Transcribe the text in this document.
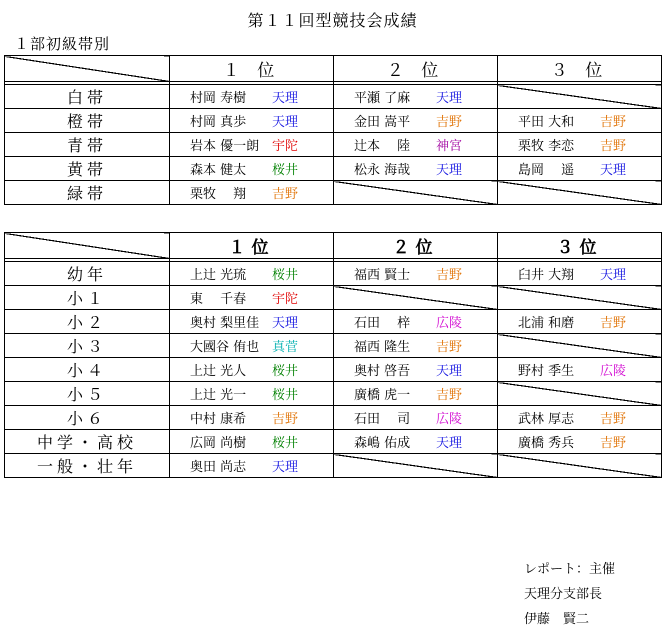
第１１回型競技会成績
１部初級帯別
	１ 位	２ 位	３ 位

白帯	村岡 寿樹 天理	平瀬 了麻 天理	
橙帯	村岡 真歩 天理	金田 嵩平 吉野	平田 大和 吉野
青帯	岩本 優一朗 宇陀	辻本 　陸 神宮	栗牧 李恋 吉野
黄帯	森本 健太 桜井	松永 海哉 天理	島岡 　遥 天理
緑帯	栗牧 　翔 吉野		
	１位	２位	３位

幼年	上辻 光琉 桜井	福西 賢士 吉野	臼井 大翔 天理
小１	東 　千春 宇陀		
小２	奥村 梨里佳 天理	石田 　梓 広陵	北浦 和磨 吉野
小３	大國谷 侑也 真菅	福西 隆生 吉野	
小４	上辻 光人 桜井	奥村 啓吾 天理	野村 季生 広陵
小５	上辻 光一 桜井	廣橋 虎一 吉野	
小６	中村 康希 吉野	石田 　司 広陵	武林 厚志 吉野
中学・高校	広岡 尚樹 桜井	森嶋 佑成 天理	廣橋 秀兵 吉野
一般・壮年	奥田 尚志 天理		
レポート：主催
天理分支部長
伊藤　賢二
